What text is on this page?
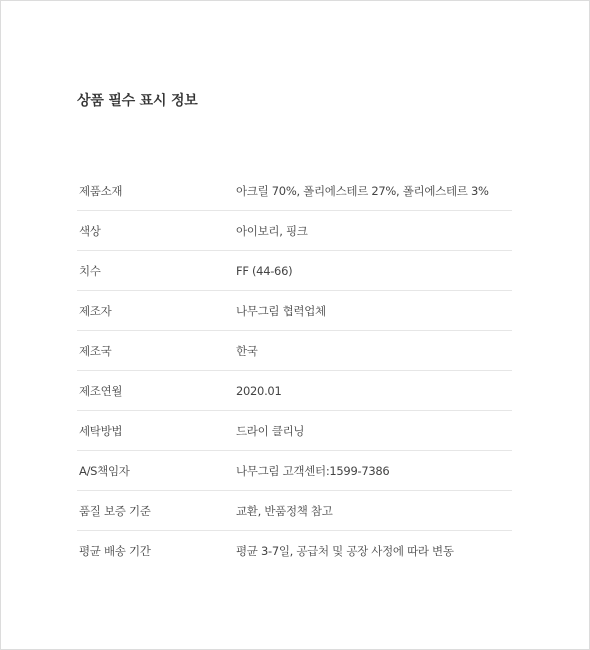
상품 필수 표시 정보
제품소재	아크릴 70%, 폴리에스테르 27%, 폴리에스테르 3%
색상	아이보리, 핑크
치수	FF (44-66)
제조자	나무그림 협력업체
제조국	한국
제조연월	2020.01
세탁방법	드라이 클리닝
A/S책임자	나무그림 고객센터:1599-7386
품질 보증 기준	교환, 반품정책 참고
평균 배송 기간	평균 3-7일, 공급처 및 공장 사정에 따라 변동
